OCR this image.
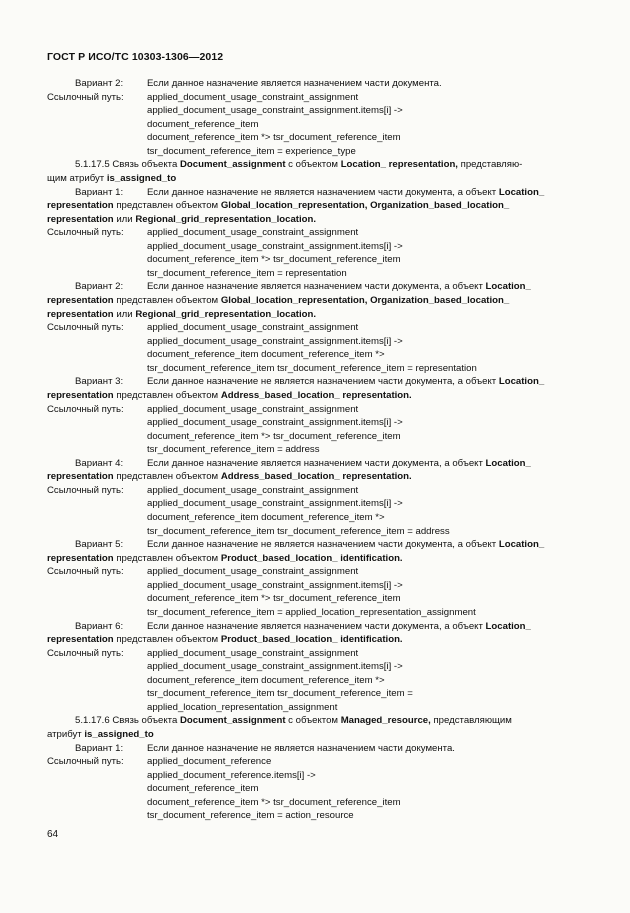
ГОСТ Р ИСО/ТС 10303-1306—2012
Вариант 2: Если данное назначение является назначением части документа.
Ссылочный путь: applied_document_usage_constraint_assignment
applied_document_usage_constraint_assignment.items[i] ->
document_reference_item
document_reference_item *> tsr_document_reference_item
tsr_document_reference_item = experience_type
5.1.17.5 Связь объекта Document_assignment с объектом Location_ representation, представляю-
щим атрибут is_assigned_to
Вариант 1: Если данное назначение не является назначением части документа, а объект Location_
representation представлен объектом Global_location_representation, Organization_based_location_
representation или Regional_grid_representation_location.
Ссылочный путь: applied_document_usage_constraint_assignment
applied_document_usage_constraint_assignment.items[i] ->
document_reference_item *> tsr_document_reference_item
tsr_document_reference_item = representation
Вариант 2: Если данное назначение является назначением части документа, а объект Location_
representation представлен объектом Global_location_representation, Organization_based_location_
representation или Regional_grid_representation_location.
Ссылочный путь: applied_document_usage_constraint_assignment
applied_document_usage_constraint_assignment.items[i] ->
document_reference_item document_reference_item *>
tsr_document_reference_item tsr_document_reference_item = representation
Вариант 3: Если данное назначение не является назначением части документа, а объект Location_
representation представлен объектом Address_based_location_ representation.
Ссылочный путь: applied_document_usage_constraint_assignment
applied_document_usage_constraint_assignment.items[i] ->
document_reference_item *> tsr_document_reference_item
tsr_document_reference_item = address
Вариант 4: Если данное назначение является назначением части документа, а объект Location_
representation представлен объектом Address_based_location_ representation.
Ссылочный путь: applied_document_usage_constraint_assignment
applied_document_usage_constraint_assignment.items[i] ->
document_reference_item document_reference_item *>
tsr_document_reference_item tsr_document_reference_item = address
Вариант 5: Если данное назначение не является назначением части документа, а объект Location_
representation представлен объектом Product_based_location_ identification.
Ссылочный путь: applied_document_usage_constraint_assignment
applied_document_usage_constraint_assignment.items[i] ->
document_reference_item *> tsr_document_reference_item
tsr_document_reference_item = applied_location_representation_assignment
Вариант 6: Если данное назначение является назначением части документа, а объект Location_
representation представлен объектом Product_based_location_ identification.
Ссылочный путь: applied_document_usage_constraint_assignment
applied_document_usage_constraint_assignment.items[i] ->
document_reference_item document_reference_item *>
tsr_document_reference_item tsr_document_reference_item =
applied_location_representation_assignment
5.1.17.6 Связь объекта Document_assignment с объектом Managed_resource, представляющим
атрибут is_assigned_to
Вариант 1: Если данное назначение не является назначением части документа.
Ссылочный путь: applied_document_reference
applied_document_reference.items[i] ->
document_reference_item
document_reference_item *> tsr_document_reference_item
tsr_document_reference_item = action_resource
64
